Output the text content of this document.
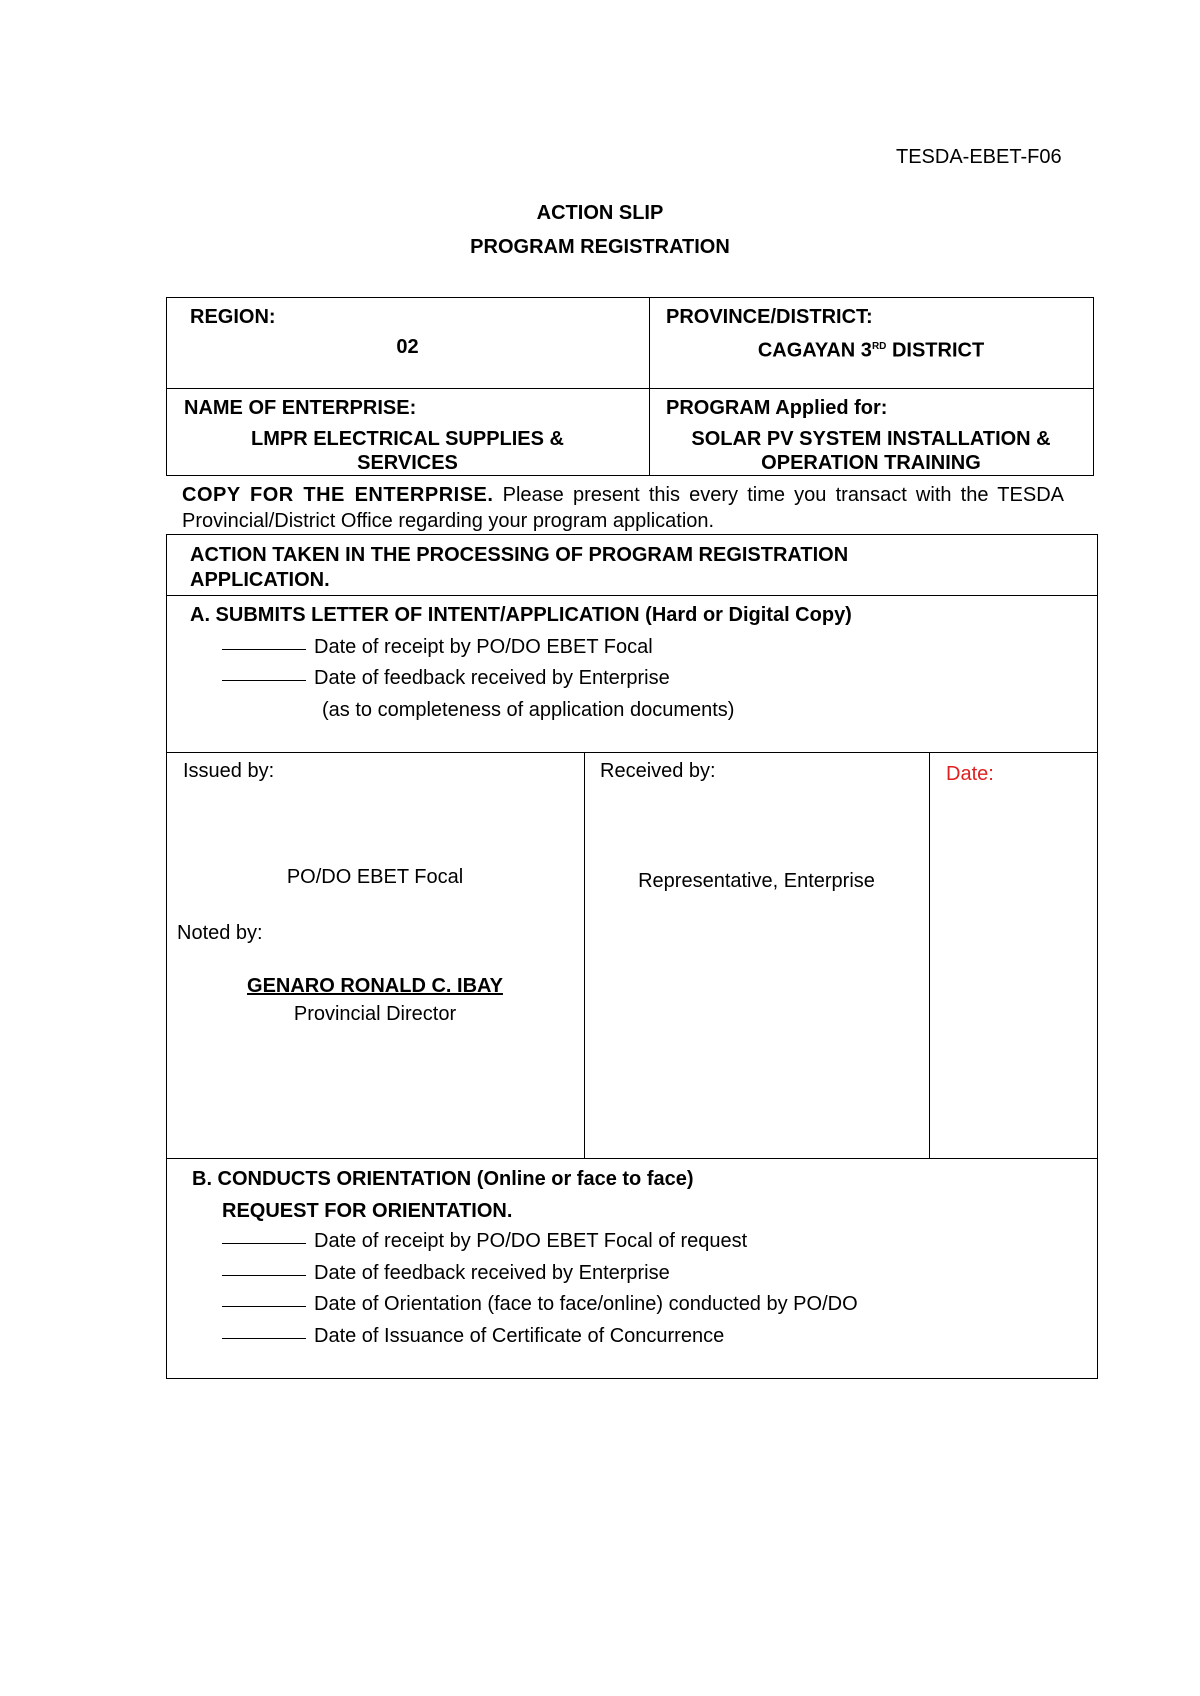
TESDA-EBET-F06
ACTION SLIP
PROGRAM REGISTRATION
REGION:
02
PROVINCE/DISTRICT:
CAGAYAN 3RD DISTRICT
NAME OF ENTERPRISE:
LMPR ELECTRICAL SUPPLIES &
SERVICES
PROGRAM Applied for:
SOLAR PV SYSTEM INSTALLATION &
OPERATION TRAINING
COPY FOR THE ENTERPRISE. Please present this every time you transact with the TESDA Provincial/District Office regarding your program application.
ACTION TAKEN IN THE PROCESSING OF PROGRAM REGISTRATION
APPLICATION.
A. SUBMITS LETTER OF INTENT/APPLICATION (Hard or Digital Copy)
Date of receipt by PO/DO EBET Focal
Date of feedback received by Enterprise
(as to completeness of application documents)
Issued by:
PO/DO EBET Focal
Noted by:
GENARO RONALD C. IBAY
Provincial Director
Received by:
Representative, Enterprise
Date:
B. CONDUCTS ORIENTATION (Online or face to face)
REQUEST FOR ORIENTATION.
Date of receipt by PO/DO EBET Focal of request
Date of feedback received by Enterprise
Date of Orientation (face to face/online) conducted by PO/DO
Date of Issuance of Certificate of Concurrence
